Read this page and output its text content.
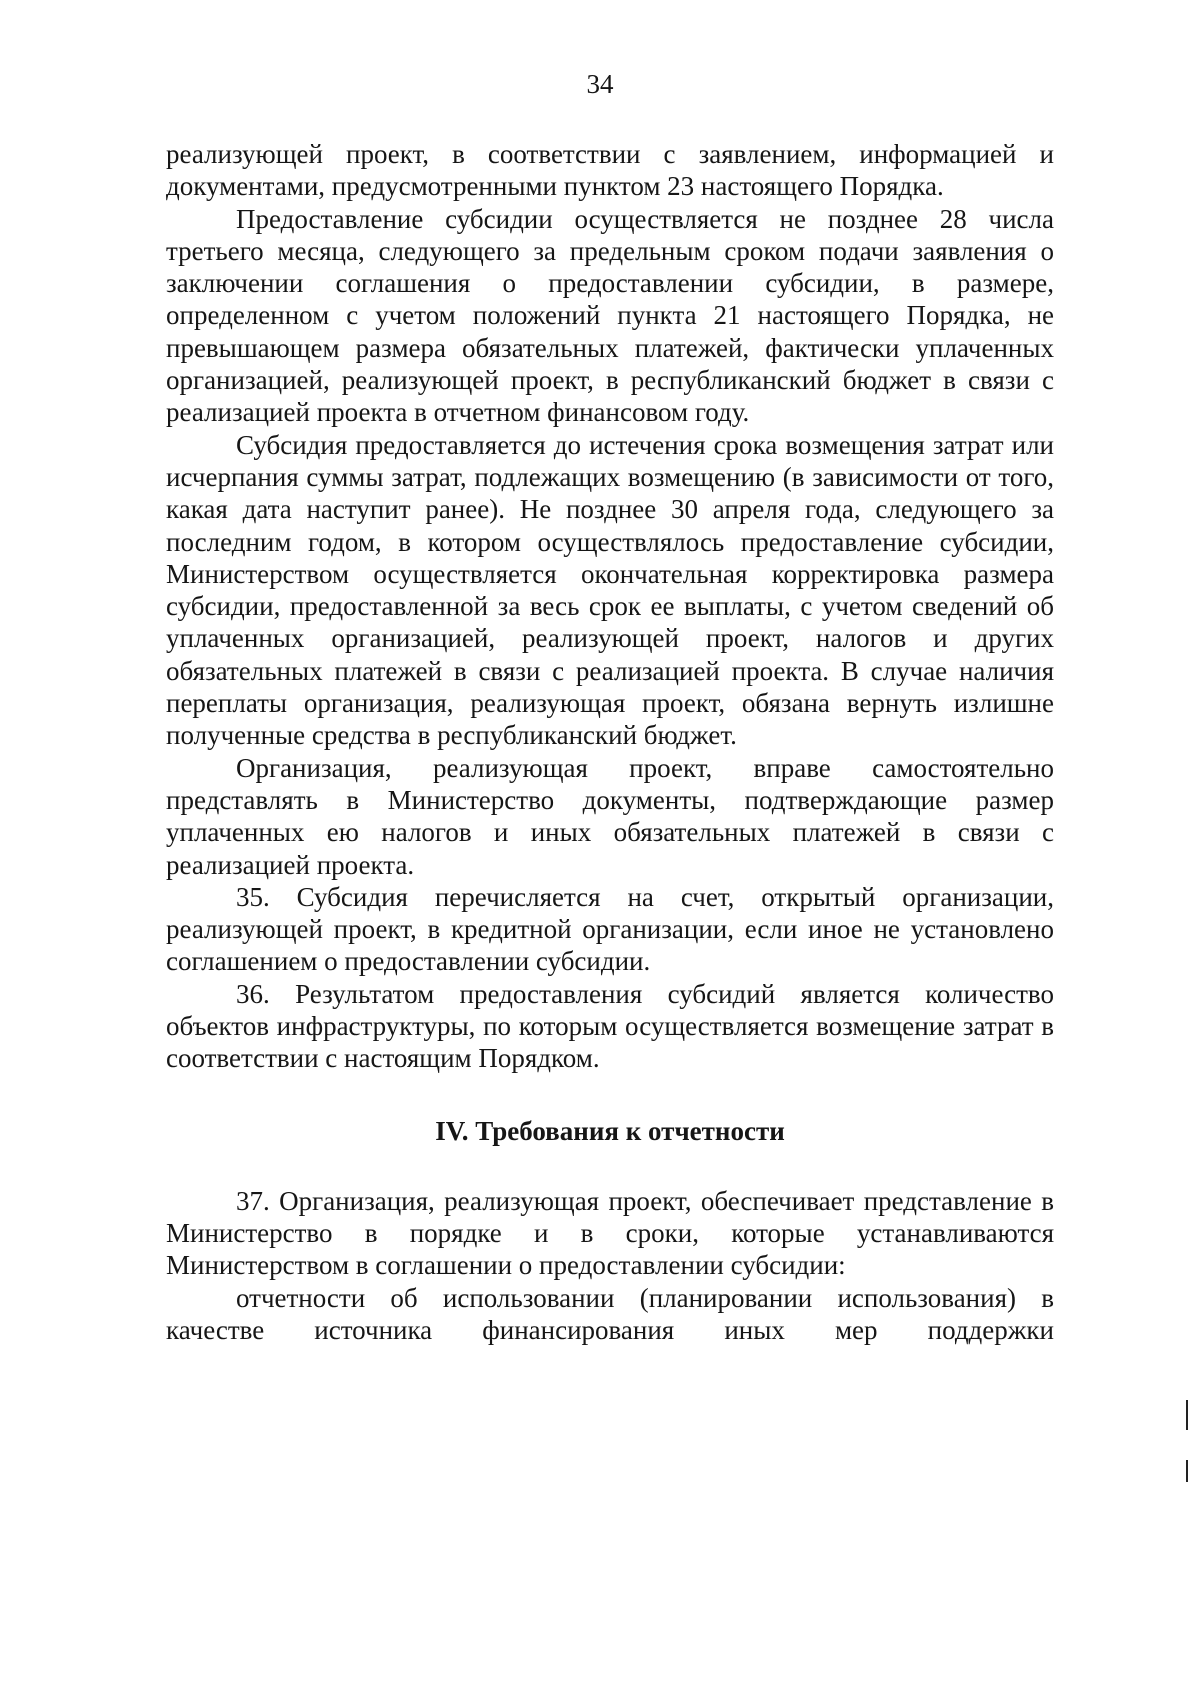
34

реализующей проект, в соответствии с заявлением, информацией и документами, предусмотренными пунктом 23 настоящего Порядка.

Предоставление субсидии осуществляется не позднее 28 числа третьего месяца, следующего за предельным сроком подачи заявления о заключении соглашения о предоставлении субсидии, в размере, определенном с учетом положений пункта 21 настоящего Порядка, не превышающем размера обязательных платежей, фактически уплаченных организацией, реализующей проект, в республиканский бюджет в связи с реализацией проекта в отчетном финансовом году.

Субсидия предоставляется до истечения срока возмещения затрат или исчерпания суммы затрат, подлежащих возмещению (в зависимости от того, какая дата наступит ранее). Не позднее 30 апреля года, следующего за последним годом, в котором осуществлялось предоставление субсидии, Министерством осуществляется окончательная корректировка размера субсидии, предоставленной за весь срок ее выплаты, с учетом сведений об уплаченных организацией, реализующей проект, налогов и других обязательных платежей в связи с реализацией проекта. В случае наличия переплаты организация, реализующая проект, обязана вернуть излишне полученные средства в республиканский бюджет.

Организация, реализующая проект, вправе самостоятельно представлять в Министерство документы, подтверждающие размер уплаченных ею налогов и иных обязательных платежей в связи с реализацией проекта.

35. Субсидия перечисляется на счет, открытый организации, реализующей проект, в кредитной организации, если иное не установлено соглашением о предоставлении субсидии.

36. Результатом предоставления субсидий является количество объектов инфраструктуры, по которым осуществляется возмещение затрат в соответствии с настоящим Порядком.

IV. Требования к отчетности

37. Организация, реализующая проект, обеспечивает представление в Министерство в порядке и в сроки, которые устанавливаются Министерством в соглашении о предоставлении субсидии:

отчетности об использовании (планировании использования) в качестве источника финансирования иных мер поддержки
